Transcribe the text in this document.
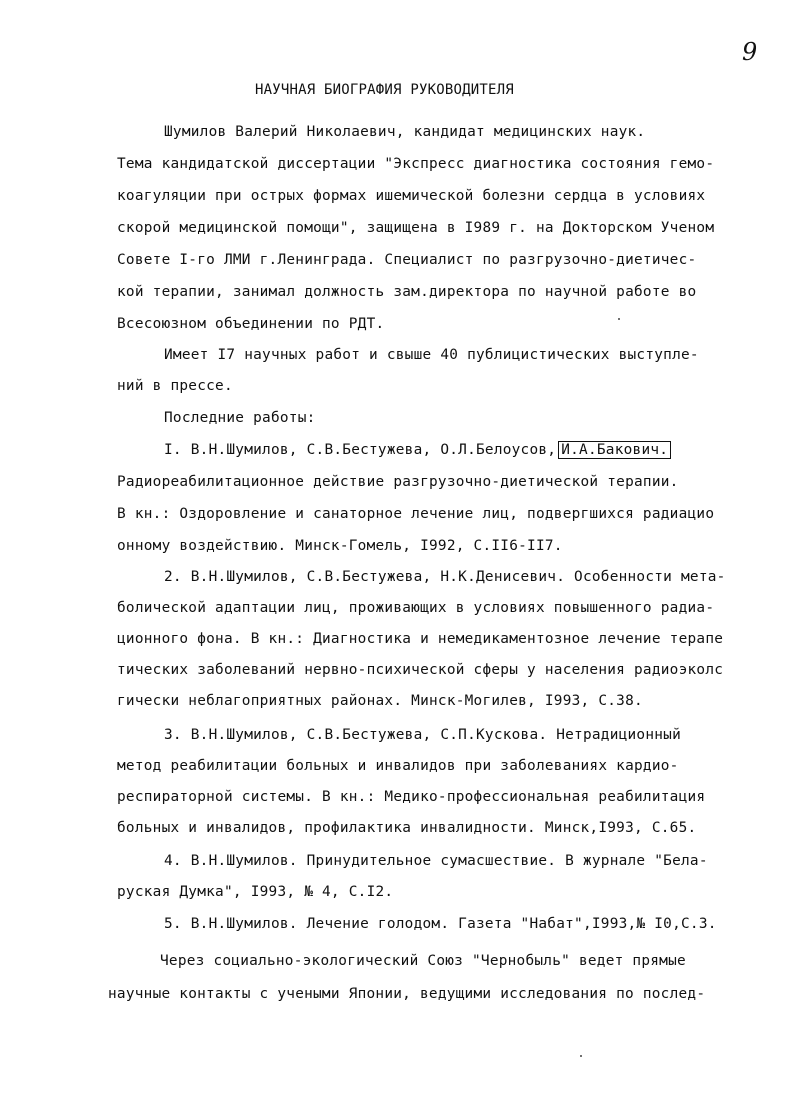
9
НАУЧНАЯ БИОГРАФИЯ РУКОВОДИТЕЛЯ
Шумилов Валерий Николаевич, кандидат медицинских наук.
Тема кандидатской диссертации "Экспресс диагностика состояния гемо-
коагуляции при острых формах ишемической болезни сердца в условиях
скорой медицинской помощи", защищена в I989 г. на Докторском Ученом
Совете I-го ЛМИ г.Ленинграда. Специалист по разгрузочно-диетичес-
кой терапии, занимал должность зам.директора по научной работе во
Всесоюзном объединении по РДТ.
Имеет I7 научных работ и свыше 40 публицистических выступле-
ний в прессе.
Последние работы:
I. В.Н.Шумилов, С.В.Бестужева, О.Л.Белоусов, И.А.Бакович.
Радиореабилитационное действие разгрузочно-диетической терапии.
В кн.: Оздоровление и санаторное лечение лиц, подвергшихся радиацио
онному воздействию. Минск-Гомель, I992, С.II6-II7.
2. В.Н.Шумилов, С.В.Бестужева, Н.К.Денисевич. Особенности мета-
болической адаптации лиц, проживающих в условиях повышенного радиа-
ционного фона. В кн.: Диагностика и немедикаментозное лечение терапе
тических заболеваний нервно-психической сферы у населения радиоэколс
гически неблагоприятных районах. Минск-Могилев, I993, С.38.
3. В.Н.Шумилов, С.В.Бестужева, С.П.Кускова. Нетрадиционный
метод реабилитации больных и инвалидов при заболеваниях кардио-
респираторной системы. В кн.: Медико-профессиональная реабилитация
больных и инвалидов, профилактика инвалидности. Минск,I993, С.65.
4. В.Н.Шумилов. Принудительное сумасшествие. В журнале "Бела-
руская Думка", I993, № 4, С.I2.
5. В.Н.Шумилов. Лечение голодом. Газета "Набат",I993,№ I0,С.3.
Через социально-экологический Союз "Чернобыль" ведет прямые
научные контакты с учеными Японии, ведущими исследования по послед-
